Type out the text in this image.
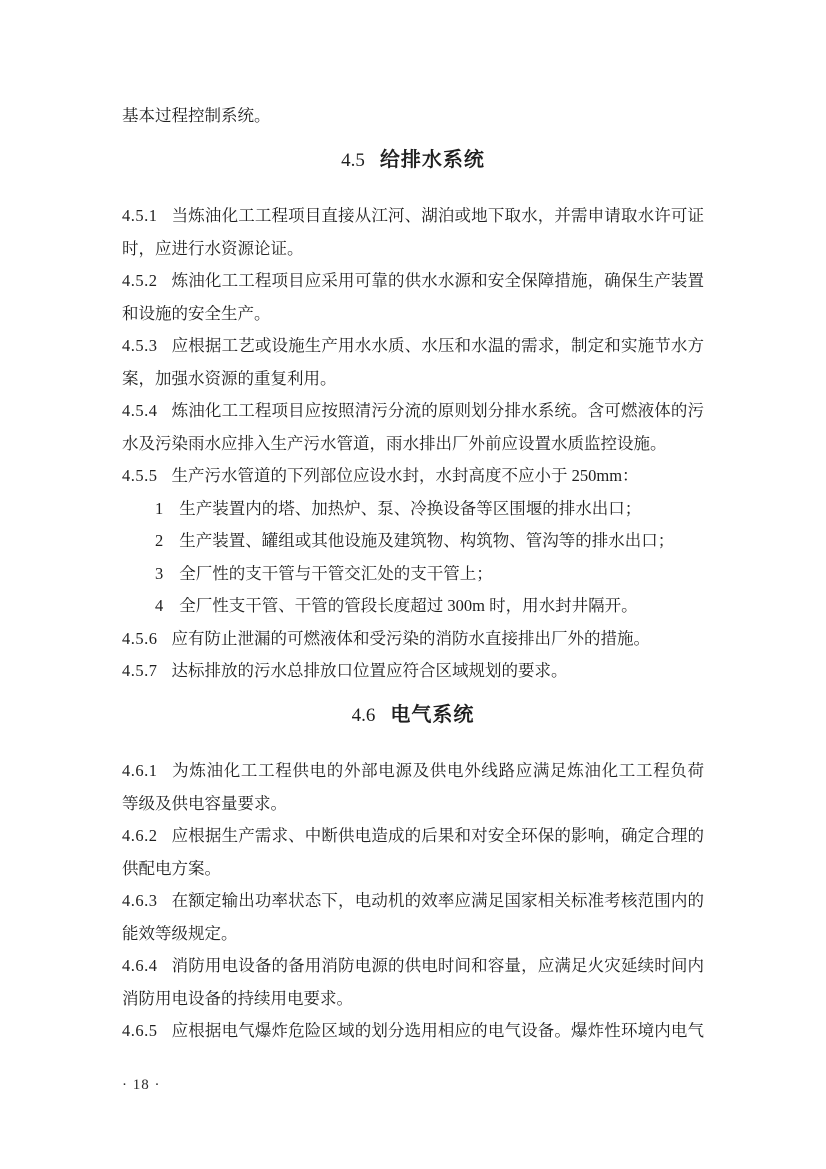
基本过程控制系统。

4.5 给排水系统

4.5.1 当炼油化工工程项目直接从江河、湖泊或地下取水，并需申请取水许可证
时，应进行水资源论证。

4.5.2 炼油化工工程项目应采用可靠的供水水源和安全保障措施，确保生产装置
和设施的安全生产。

4.5.3 应根据工艺或设施生产用水水质、水压和水温的需求，制定和实施节水方
案，加强水资源的重复利用。

4.5.4 炼油化工工程项目应按照清污分流的原则划分排水系统。含可燃液体的污
水及污染雨水应排入生产污水管道，雨水排出厂外前应设置水质监控设施。

4.5.5 生产污水管道的下列部位应设水封，水封高度不应小于 250mm：
1 生产装置内的塔、加热炉、泵、冷换设备等区围堰的排水出口；
2 生产装置、罐组或其他设施及建筑物、构筑物、管沟等的排水出口；
3 全厂性的支干管与干管交汇处的支干管上；
4 全厂性支干管、干管的管段长度超过 300m 时，用水封井隔开。

4.5.6 应有防止泄漏的可燃液体和受污染的消防水直接排出厂外的措施。

4.5.7 达标排放的污水总排放口位置应符合区域规划的要求。

4.6 电气系统

4.6.1 为炼油化工工程供电的外部电源及供电外线路应满足炼油化工工程负荷
等级及供电容量要求。

4.6.2 应根据生产需求、中断供电造成的后果和对安全环保的影响，确定合理的
供配电方案。

4.6.3 在额定输出功率状态下，电动机的效率应满足国家相关标准考核范围内的
能效等级规定。

4.6.4 消防用电设备的备用消防电源的供电时间和容量，应满足火灾延续时间内
消防用电设备的持续用电要求。

4.6.5 应根据电气爆炸危险区域的划分选用相应的电气设备。爆炸性环境内电气

· 18 ·
